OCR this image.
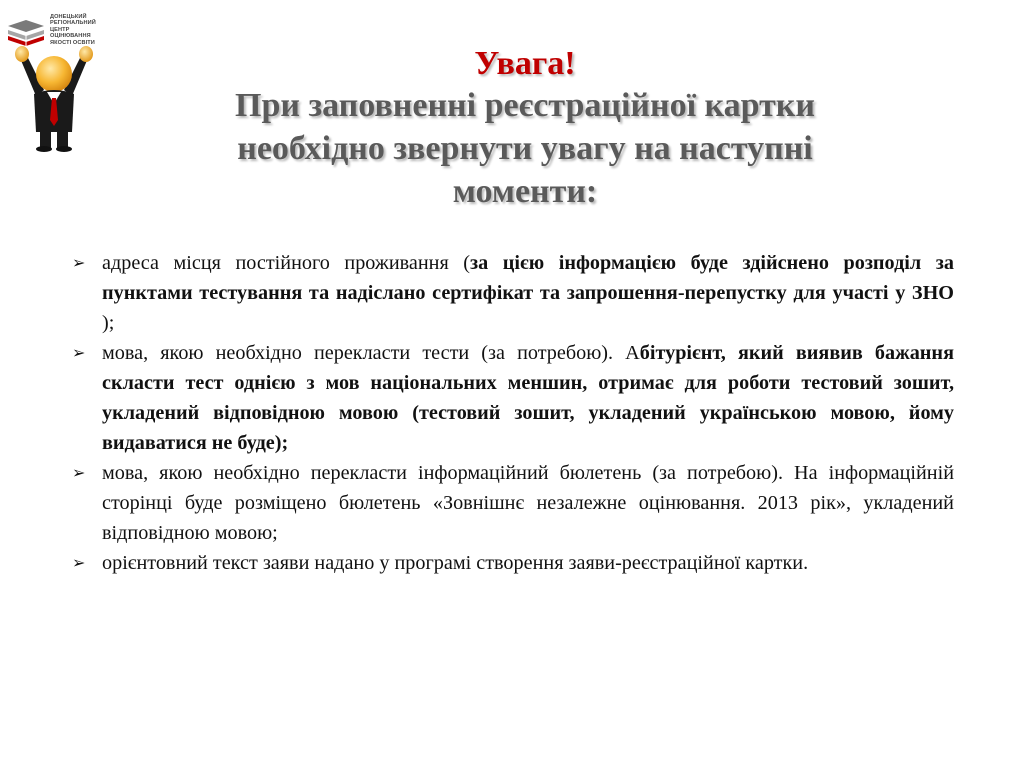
ДОНЕЦЬКИЙ
РЕГІОНАЛЬНИЙ
ЦЕНТР
ОЦІНЮВАННЯ
ЯКОСТІ ОСВІТИ
Увага!
При заповненні реєстраційної картки
необхідно звернути увагу на наступні
моменти:
➢ адреса місця постійного проживання (за цією інформацією буде здійснено розподіл за пунктами тестування та надіслано сертифікат та запрошення-перепустку для участі у ЗНО );
➢ мова, якою необхідно перекласти тести (за потребою). Абітурієнт, який виявив бажання скласти тест однією з мов національних меншин, отримає для роботи тестовий зошит, укладений відповідною мовою (тестовий зошит, укладений українською мовою, йому видаватися не буде);
➢ мова, якою необхідно перекласти інформаційний бюлетень (за потребою). На інформаційній сторінці буде розміщено бюлетень «Зовнішнє незалежне оцінювання. 2013 рік», укладений відповідною мовою;
➢ орієнтовний текст заяви надано у програмі створення заяви-реєстраційної картки.
